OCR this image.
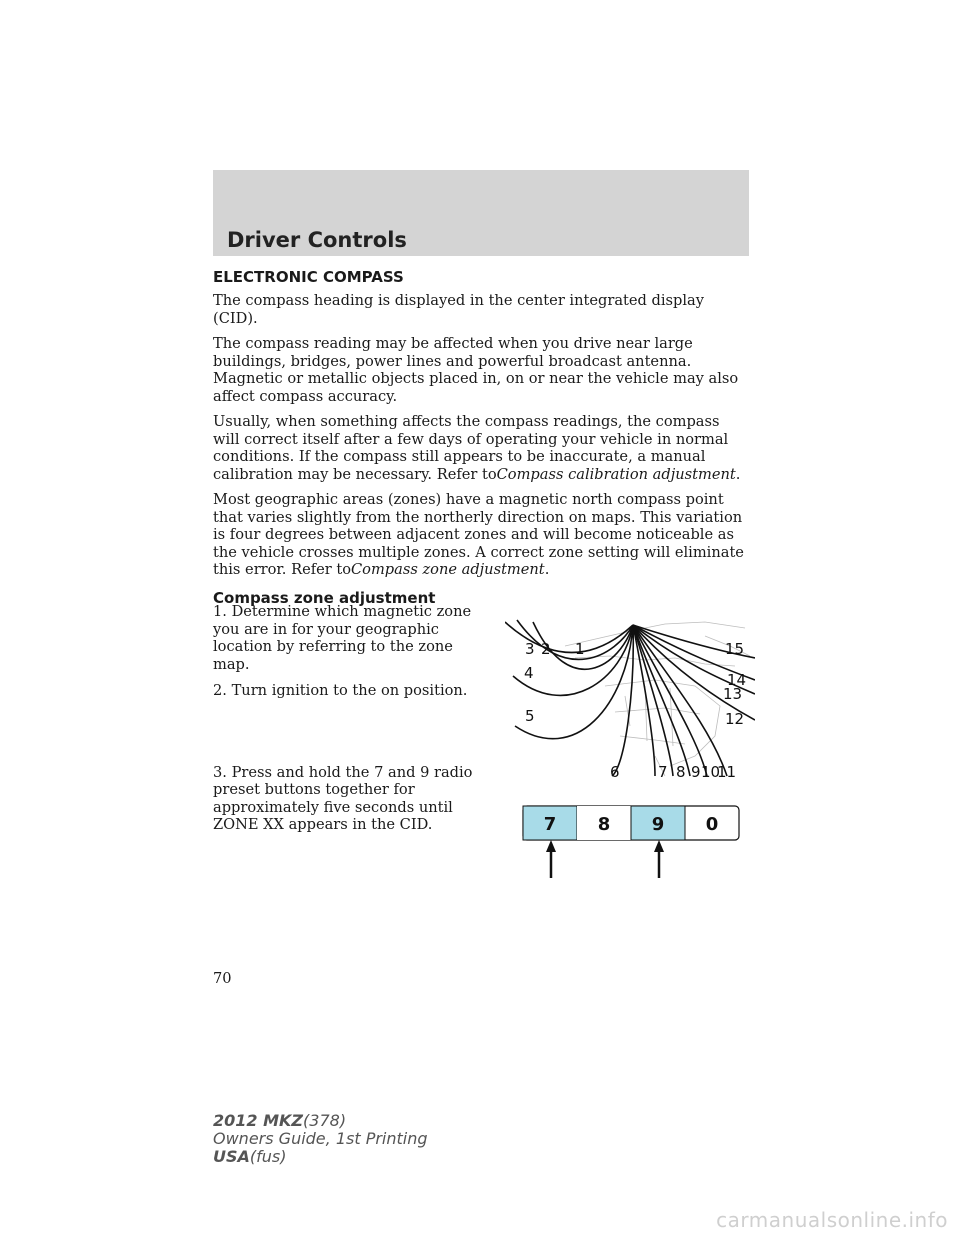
Driver Controls
ELECTRONIC COMPASS

The compass heading is displayed in the center integrated display (CID).

The compass reading may be affected when you drive near large buildings, bridges, power lines and powerful broadcast antenna. Magnetic or metallic objects placed in, on or near the vehicle may also affect compass accuracy.

Usually, when something affects the compass readings, the compass will correct itself after a few days of operating your vehicle in normal conditions. If the compass still appears to be inaccurate, a manual calibration may be necessary. Refer toCompass calibration adjustment.

Most geographic areas (zones) have a magnetic north compass point that varies slightly from the northerly direction on maps. This variation is four degrees between adjacent zones and will become noticeable as the vehicle crosses multiple zones. A correct zone setting will eliminate this error. Refer toCompass zone adjustment.

Compass zone adjustment

1. Determine which magnetic zone you are in for your geographic location by referring to the zone map.

2. Turn ignition to the on position.

3. Press and hold the 7 and 9 radio preset buttons together for approximately five seconds until ZONE XX appears in the CID.

1
2
3
4
5
6	7 8 9 10
11
12
13
14
15
7 8 9 0
70
2012 MKZ(378)
Owners Guide, 1st Printing
USA(fus)
carmanualsonline.info
